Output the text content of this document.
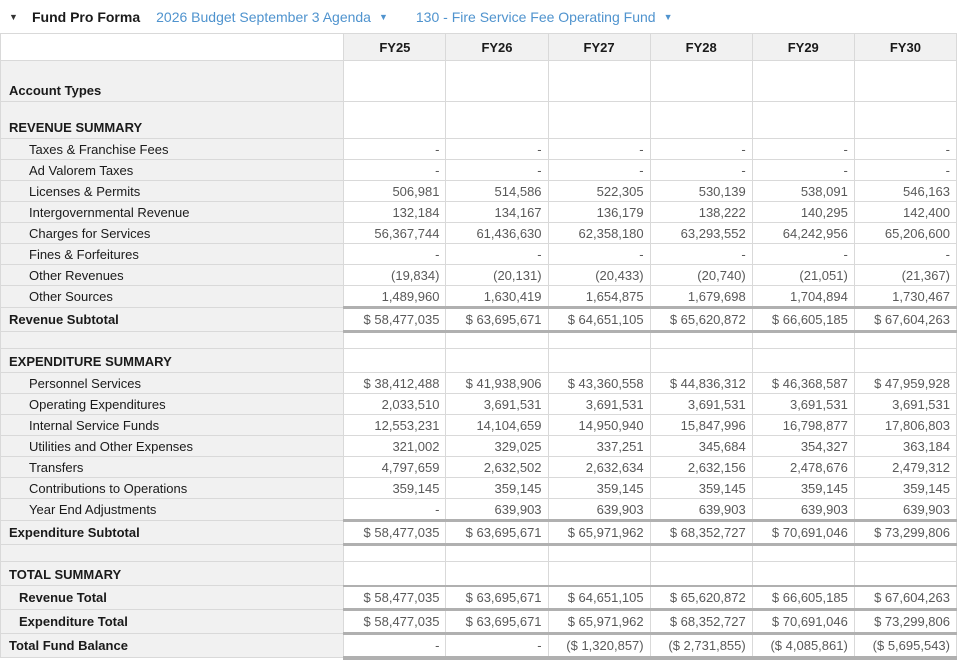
▼	Fund Pro Forma 2026 Budget September 3 Agenda ▼ 130 - Fire Service Fee Operating Fund ▼
	FY25	FY26	FY27	FY28	FY29	FY30
Account Types						
REVENUE SUMMARY						
Taxes & Franchise Fees	-	-	-	-	-	-
Ad Valorem Taxes	-	-	-	-	-	-
Licenses & Permits	506,981	514,586	522,305	530,139	538,091	546,163
Intergovernmental Revenue	132,184	134,167	136,179	138,222	140,295	142,400
Charges for Services	56,367,744	61,436,630	62,358,180	63,293,552	64,242,956	65,206,600
Fines & Forfeitures	-	-	-	-	-	-
Other Revenues	(19,834)	(20,131)	(20,433)	(20,740)	(21,051)	(21,367)
Other Sources	1,489,960	1,630,419	1,654,875	1,679,698	1,704,894	1,730,467
Revenue Subtotal	$ 58,477,035	$ 63,695,671	$ 64,651,105	$ 65,620,872	$ 66,605,185	$ 67,604,263

EXPENDITURE SUMMARY						
Personnel Services	$ 38,412,488	$ 41,938,906	$ 43,360,558	$ 44,836,312	$ 46,368,587	$ 47,959,928
Operating Expenditures	2,033,510	3,691,531	3,691,531	3,691,531	3,691,531	3,691,531
Internal Service Funds	12,553,231	14,104,659	14,950,940	15,847,996	16,798,877	17,806,803
Utilities and Other Expenses	321,002	329,025	337,251	345,684	354,327	363,184
Transfers	4,797,659	2,632,502	2,632,634	2,632,156	2,478,676	2,479,312
Contributions to Operations	359,145	359,145	359,145	359,145	359,145	359,145
Year End Adjustments	-	639,903	639,903	639,903	639,903	639,903
Expenditure Subtotal	$ 58,477,035	$ 63,695,671	$ 65,971,962	$ 68,352,727	$ 70,691,046	$ 73,299,806

TOTAL SUMMARY						
Revenue Total	$ 58,477,035	$ 63,695,671	$ 64,651,105	$ 65,620,872	$ 66,605,185	$ 67,604,263
Expenditure Total	$ 58,477,035	$ 63,695,671	$ 65,971,962	$ 68,352,727	$ 70,691,046	$ 73,299,806
Total Fund Balance	-	-	($ 1,320,857)	($ 2,731,855)	($ 4,085,861)	($ 5,695,543)
